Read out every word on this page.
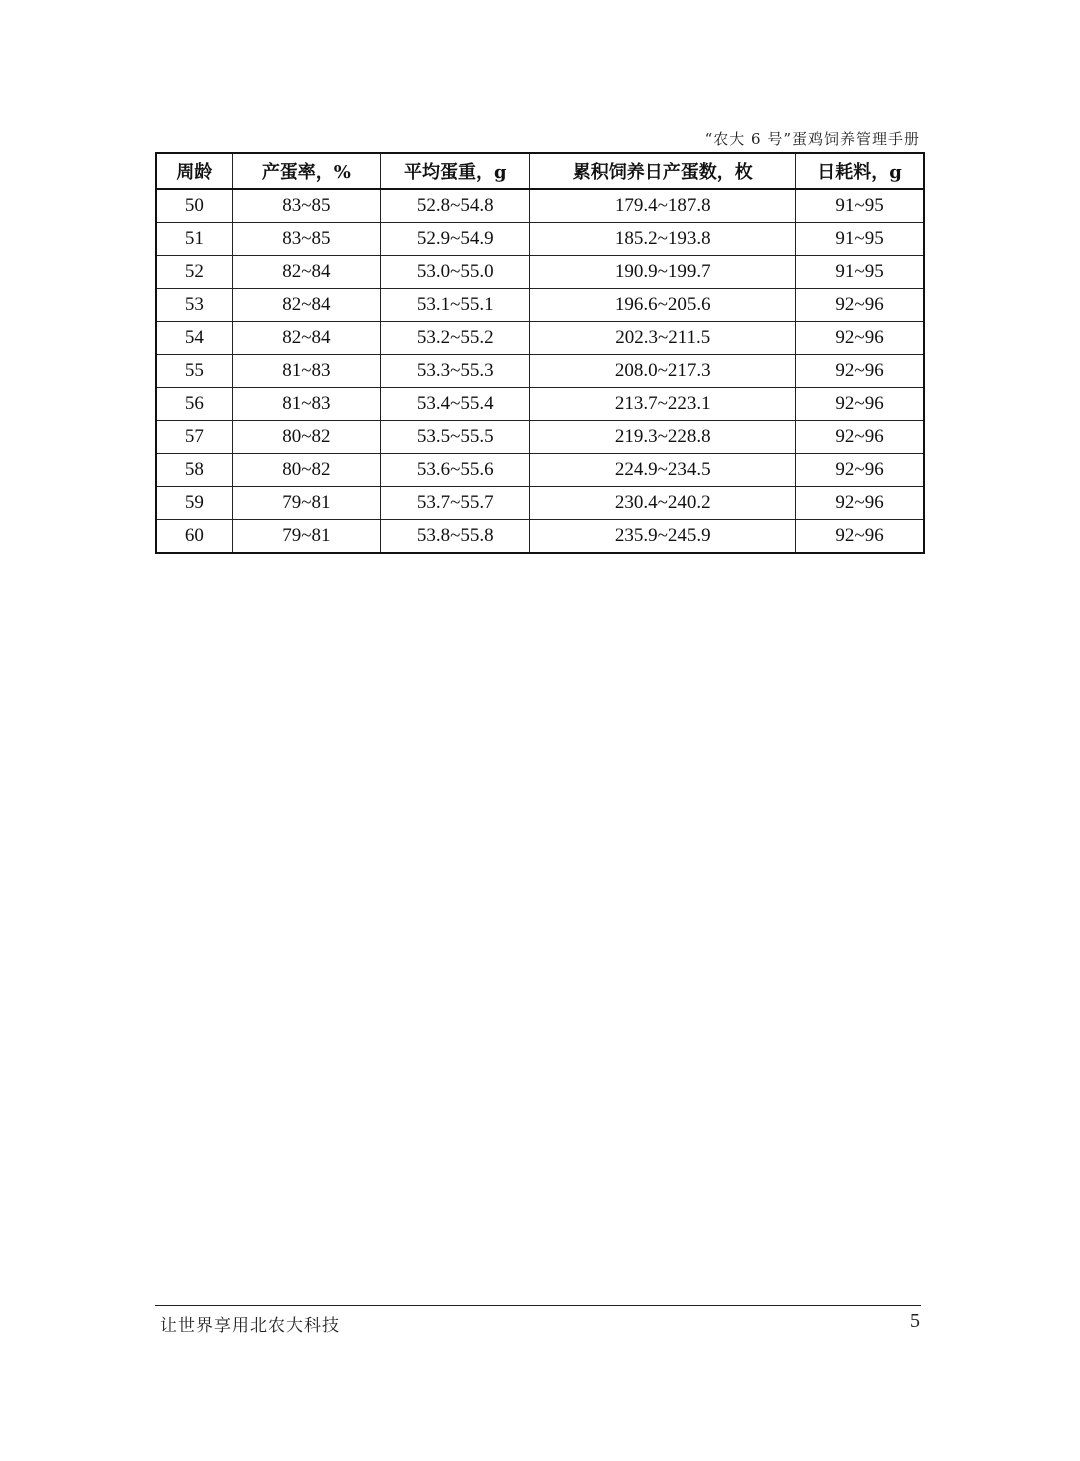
“农大 6 号”蛋鸡饲养管理手册
周龄	产蛋率，%	平均蛋重，g	累积饲养日产蛋数，枚	日耗料，g
50	83~85	52.8~54.8	179.4~187.8	91~95
51	83~85	52.9~54.9	185.2~193.8	91~95
52	82~84	53.0~55.0	190.9~199.7	91~95
53	82~84	53.1~55.1	196.6~205.6	92~96
54	82~84	53.2~55.2	202.3~211.5	92~96
55	81~83	53.3~55.3	208.0~217.3	92~96
56	81~83	53.4~55.4	213.7~223.1	92~96
57	80~82	53.5~55.5	219.3~228.8	92~96
58	80~82	53.6~55.6	224.9~234.5	92~96
59	79~81	53.7~55.7	230.4~240.2	92~96
60	79~81	53.8~55.8	235.9~245.9	92~96
让世界享用北农大科技	5
